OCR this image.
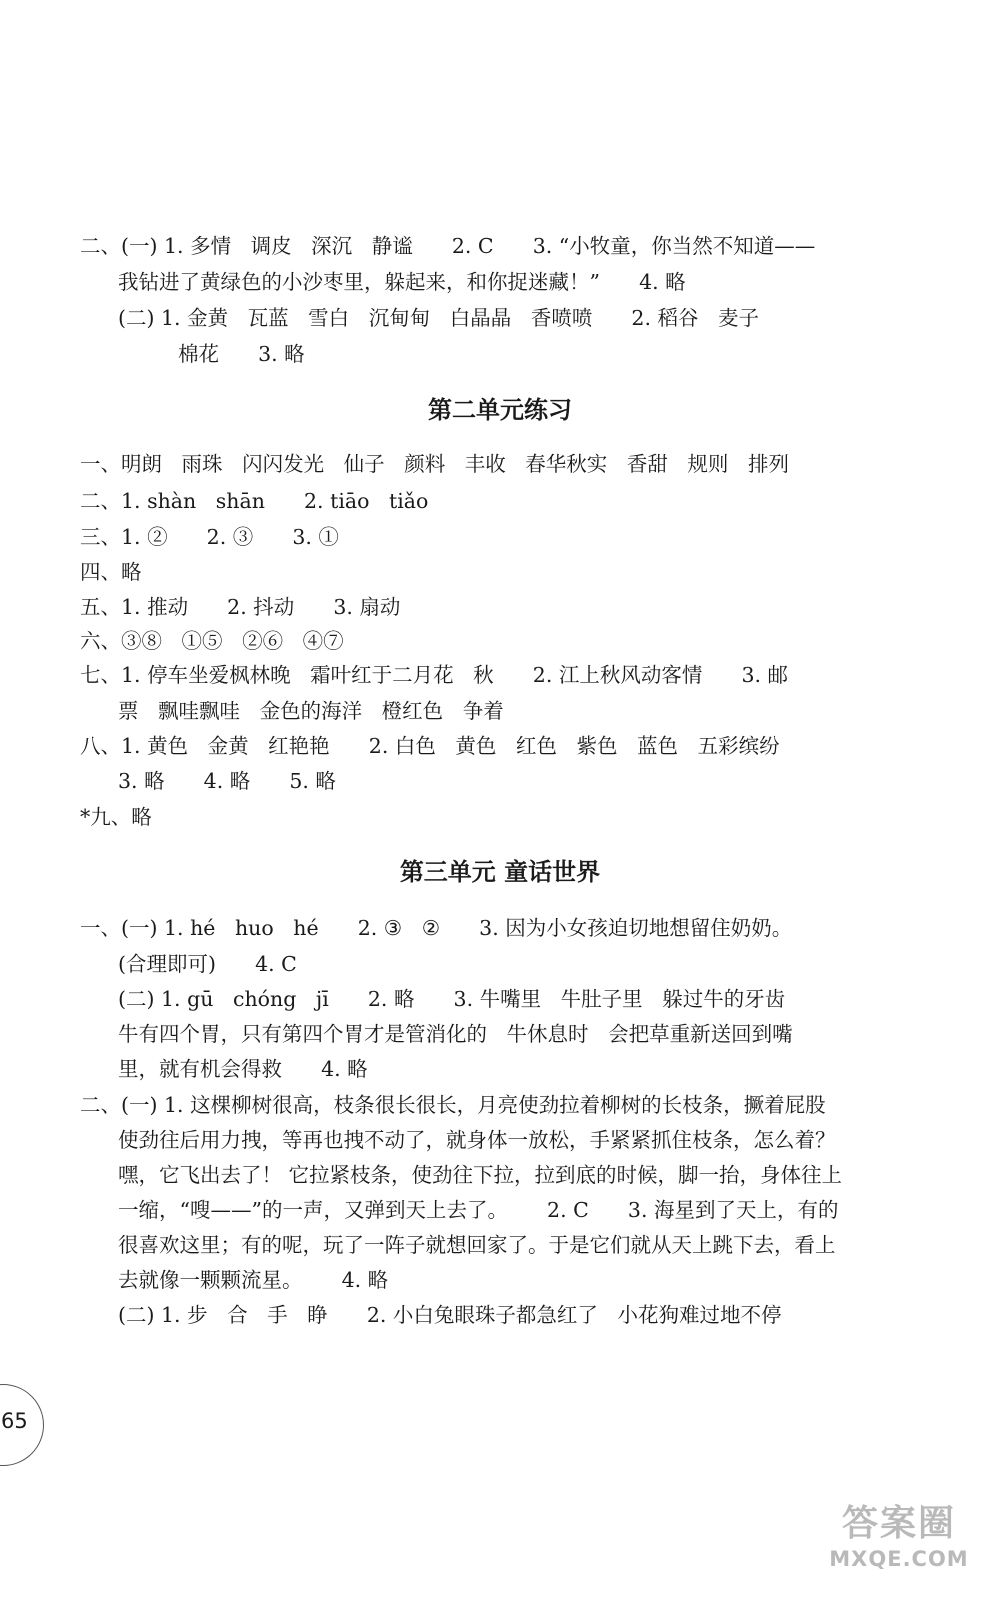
二、(一) 1. 多情   调皮   深沉   静谧      2. C      3. “小牧童，你当然不知道——
我钻进了黄绿色的小沙枣里，躲起来，和你捉迷藏！”      4. 略
(二) 1. 金黄   瓦蓝   雪白   沉甸甸   白晶晶   香喷喷      2. 稻谷   麦子
棉花      3. 略
第二单元练习
一、明朗   雨珠   闪闪发光   仙子   颜料   丰收   春华秋实   香甜   规则   排列
二、1. shàn   shān      2. tiāo   tiǎo
三、1. ②      2. ③      3. ①
四、略
五、1. 推动      2. 抖动      3. 扇动
六、③⑧   ①⑤   ②⑥   ④⑦
七、1. 停车坐爱枫林晚   霜叶红于二月花   秋      2. 江上秋风动客情      3. 邮
票   飘哇飘哇   金色的海洋   橙红色   争着
八、1. 黄色   金黄   红艳艳      2. 白色   黄色   红色   紫色   蓝色   五彩缤纷
3. 略      4. 略      5. 略
*九、略
第三单元 童话世界
一、(一) 1. hé   huo   hé      2. ③   ②      3. 因为小女孩迫切地想留住奶奶。
(合理即可)      4. C
(二) 1. gū   chóng   jī      2. 略      3. 牛嘴里   牛肚子里   躲过牛的牙齿
牛有四个胃，只有第四个胃才是管消化的   牛休息时   会把草重新送回到嘴
里，就有机会得救      4. 略
二、(一) 1. 这棵柳树很高，枝条很长很长，月亮使劲拉着柳树的长枝条，撅着屁股
使劲往后用力拽，等再也拽不动了，就身体一放松，手紧紧抓住枝条，怎么着？
嘿，它飞出去了！ 它拉紧枝条，使劲往下拉，拉到底的时候，脚一抬，身体往上
一缩，“嗖——”的一声，又弹到天上去了。      2. C      3. 海星到了天上，有的
很喜欢这里；有的呢，玩了一阵子就想回家了。于是它们就从天上跳下去，看上
去就像一颗颗流星。      4. 略
(二) 1. 步   合   手   睁      2. 小白兔眼珠子都急红了   小花狗难过地不停
65
答案圈
MXQE.COM
